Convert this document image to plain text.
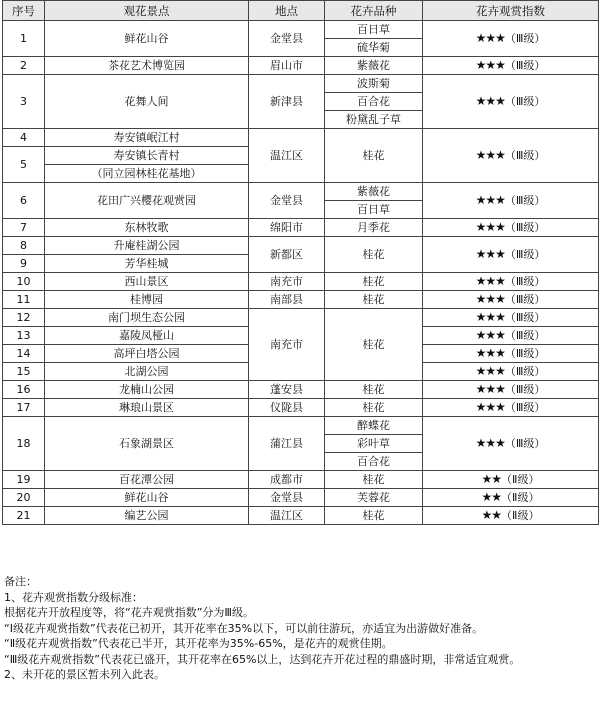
序号	观花景点	地点	花卉品种	花卉观赏指数
1	鲜花山谷	金堂县	百日草	★★★（Ⅲ级）
			硫华菊	
2	茶花艺术博览园	眉山市	紫薇花	★★★（Ⅲ级）
3	花舞人间	新津县	波斯菊	★★★（Ⅲ级）
			百合花	
			粉黛乱子草	
4	寿安镇岷江村	温江区	桂花	★★★（Ⅲ级）
5	寿安镇长青村			
	（同立园林桂花基地）			
6	花田广兴樱花观赏园	金堂县	紫薇花	★★★（Ⅲ级）
			百日草	
7	东林牧歌	绵阳市	月季花	★★★（Ⅲ级）
8	升庵桂湖公园	新都区	桂花	★★★（Ⅲ级）
9	芳华桂城			
10	西山景区	南充市	桂花	★★★（Ⅲ级）
11	桂博园	南部县	桂花	★★★（Ⅲ级）
12	南门坝生态公园	南充市	桂花	★★★（Ⅲ级）
13	嘉陵凤桠山			★★★（Ⅲ级）
14	高坪白塔公园			★★★（Ⅲ级）
15	北湖公园			★★★（Ⅲ级）
16	龙楠山公园	蓬安县	桂花	★★★（Ⅲ级）
17	琳琅山景区	仪陇县	桂花	★★★（Ⅲ级）
18	石象湖景区	蒲江县	醉蝶花	★★★（Ⅲ级）
			彩叶草	
			百合花	
19	百花潭公园	成都市	桂花	★★（Ⅱ级）
20	鲜花山谷	金堂县	芙蓉花	★★（Ⅱ级）
21	编艺公园	温江区	桂花	★★（Ⅱ级）
备注：
1、花卉观赏指数分级标准：
根据花卉开放程度等，将“花卉观赏指数”分为Ⅲ级。
“Ⅰ级花卉观赏指数”代表花已初开，其开花率在35%以下，可以前往游玩，亦适宜为出游做好准备。
“Ⅱ级花卉观赏指数”代表花已半开，其开花率为35%-65%，是花卉的观赏佳期。
“Ⅲ级花卉观赏指数”代表花已盛开，其开花率在65%以上，达到花卉开花过程的鼎盛时期，非常适宜观赏。
2、未开花的景区暂未列入此表。
